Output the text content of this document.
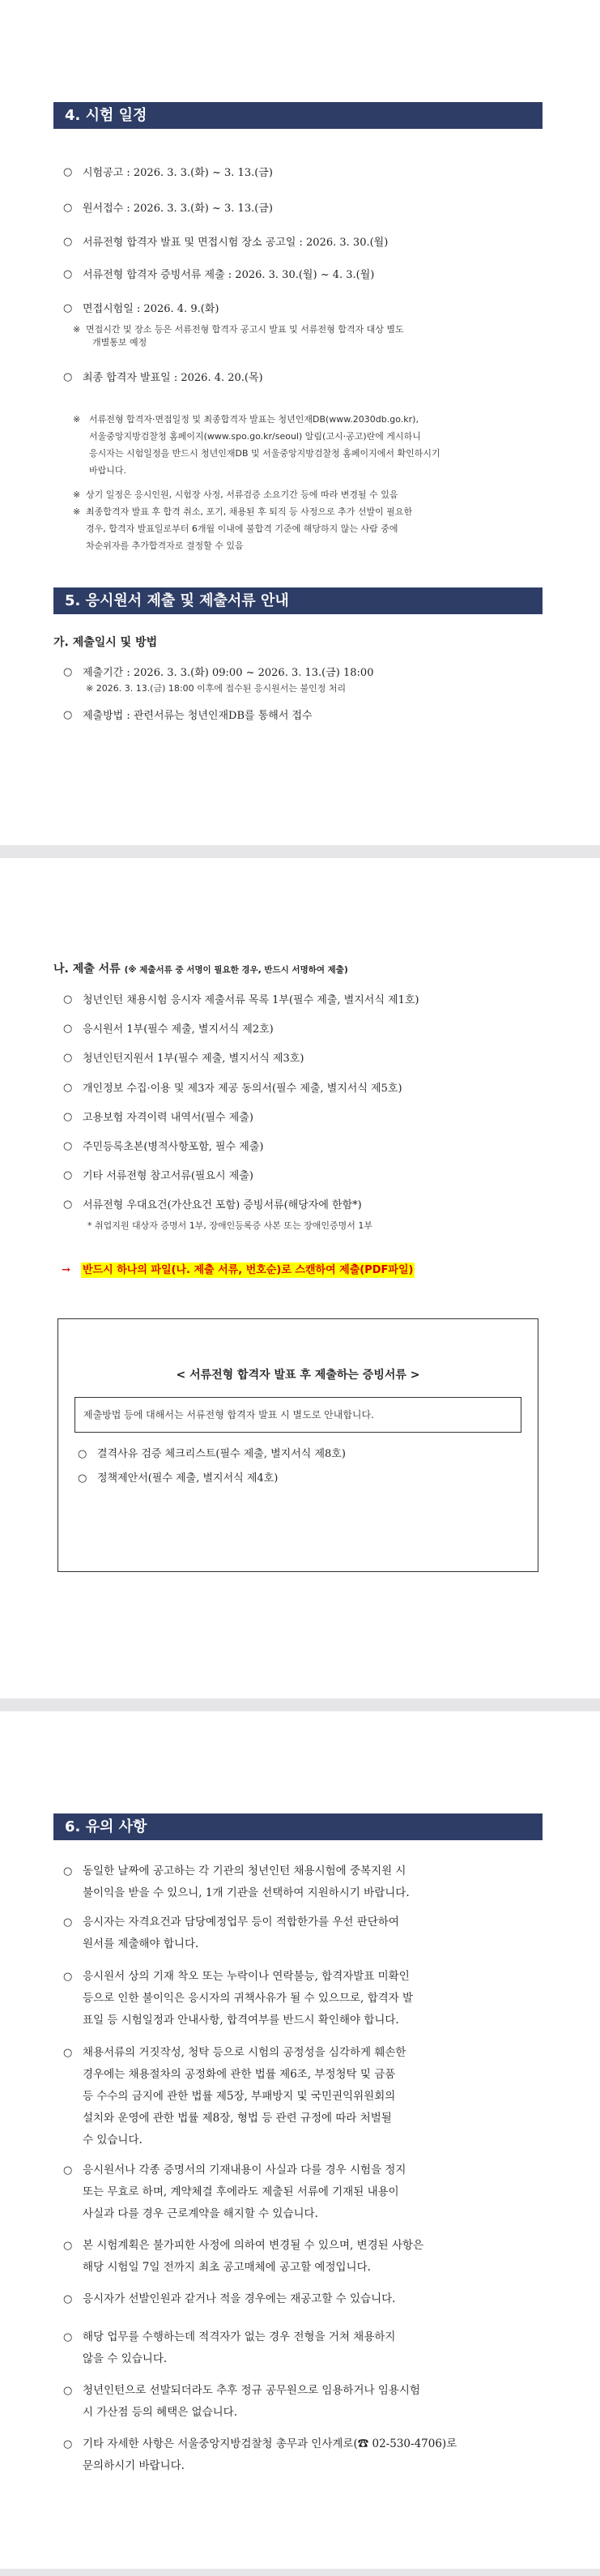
4. 시험 일정
○ 시험공고 : 2026. 3. 3.(화) ~ 3. 13.(금)
○ 원서접수 : 2026. 3. 3.(화) ~ 3. 13.(금)
○ 서류전형 합격자 발표 및 면접시험 장소 공고일 : 2026. 3. 30.(월)
○ 서류전형 합격자 증빙서류 제출 : 2026. 3. 30.(월) ~ 4. 3.(월)
○ 면접시험일 : 2026. 4. 9.(화)
※ 면접시간 및 장소 등은 서류전형 합격자 공고시 발표 및 서류전형 합격자 대상 별도
개별통보 예정
○ 최종 합격자 발표일 : 2026. 4. 20.(목)
※ 서류전형 합격자·면접일정 및 최종합격자 발표는 청년인재DB(www.2030db.go.kr),
서울중앙지방검찰청 홈페이지(www.spo.go.kr/seoul) 알림(고시·공고)란에 게시하니
응시자는 시험일정을 반드시 청년인재DB 및 서울중앙지방검찰청 홈페이지에서 확인하시기
바랍니다.
※ 상기 일정은 응시인원, 시험장 사정, 서류검증 소요기간 등에 따라 변경될 수 있음
※ 최종합격자 발표 후 합격 취소, 포기, 채용된 후 퇴직 등 사정으로 추가 선발이 필요한
경우, 합격자 발표일로부터 6개월 이내에 불합격 기준에 해당하지 않는 사람 중에
차순위자를 추가합격자로 결정할 수 있음
5. 응시원서 제출 및 제출서류 안내
가. 제출일시 및 방법
○ 제출기간 : 2026. 3. 3.(화) 09:00 ~ 2026. 3. 13.(금) 18:00
※ 2026. 3. 13.(금) 18:00 이후에 접수된 응시원서는 불인정 처리
○ 제출방법 : 관련서류는 청년인재DB를 통해서 접수
나. 제출 서류 (※ 제출서류 중 서명이 필요한 경우, 반드시 서명하여 제출)
○ 청년인턴 채용시험 응시자 제출서류 목록 1부(필수 제출, 별지서식 제1호)
○ 응시원서 1부(필수 제출, 별지서식 제2호)
○ 청년인턴지원서 1부(필수 제출, 별지서식 제3호)
○ 개인정보 수집·이용 및 제3자 제공 동의서(필수 제출, 별지서식 제5호)
○ 고용보험 자격이력 내역서(필수 제출)
○ 주민등록초본(병적사항포함, 필수 제출)
○ 기타 서류전형 참고서류(필요시 제출)
○ 서류전형 우대요건(가산요건 포함) 증빙서류(해당자에 한함*)
* 취업지원 대상자 증명서 1부, 장애인등록증 사본 또는 장애인증명서 1부
→ 반드시 하나의 파일(나. 제출 서류, 번호순)로 스캔하여 제출(PDF파일)
< 서류전형 합격자 발표 후 제출하는 증빙서류 >
제출방법 등에 대해서는 서류전형 합격자 발표 시 별도로 안내합니다.
○ 결격사유 검증 체크리스트(필수 제출, 별지서식 제8호)
○ 정책제안서(필수 제출, 별지서식 제4호)
6. 유의 사항
○ 동일한 날짜에 공고하는 각 기관의 청년인턴 채용시험에 중복지원 시
불이익을 받을 수 있으니, 1개 기관을 선택하여 지원하시기 바랍니다.
○ 응시자는 자격요건과 담당예정업무 등이 적합한가를 우선 판단하여
원서를 제출해야 합니다.
○ 응시원서 상의 기재 착오 또는 누락이나 연락불능, 합격자발표 미확인
등으로 인한 불이익은 응시자의 귀책사유가 될 수 있으므로, 합격자 발
표일 등 시험일정과 안내사항, 합격여부를 반드시 확인해야 합니다.
○ 채용서류의 거짓작성, 청탁 등으로 시험의 공정성을 심각하게 훼손한
경우에는 채용절차의 공정화에 관한 법률 제6조, 부정청탁 및 금품
등 수수의 금지에 관한 법률 제5장, 부패방지 및 국민권익위원회의
설치와 운영에 관한 법률 제8장, 형법 등 관련 규정에 따라 처벌될
수 있습니다.
○ 응시원서나 각종 증명서의 기재내용이 사실과 다를 경우 시험을 정지
또는 무효로 하며, 계약체결 후에라도 제출된 서류에 기재된 내용이
사실과 다를 경우 근로계약을 해지할 수 있습니다.
○ 본 시험계획은 불가피한 사정에 의하여 변경될 수 있으며, 변경된 사항은
해당 시험일 7일 전까지 최초 공고매체에 공고할 예정입니다.
○ 응시자가 선발인원과 같거나 적을 경우에는 재공고할 수 있습니다.
○ 해당 업무를 수행하는데 적격자가 없는 경우 전형을 거쳐 채용하지
않을 수 있습니다.
○ 청년인턴으로 선발되더라도 추후 정규 공무원으로 임용하거나 임용시험
시 가산점 등의 혜택은 없습니다.
○ 기타 자세한 사항은 서울중앙지방검찰청 총무과 인사계로(☎ 02-530-4706)로
문의하시기 바랍니다.
